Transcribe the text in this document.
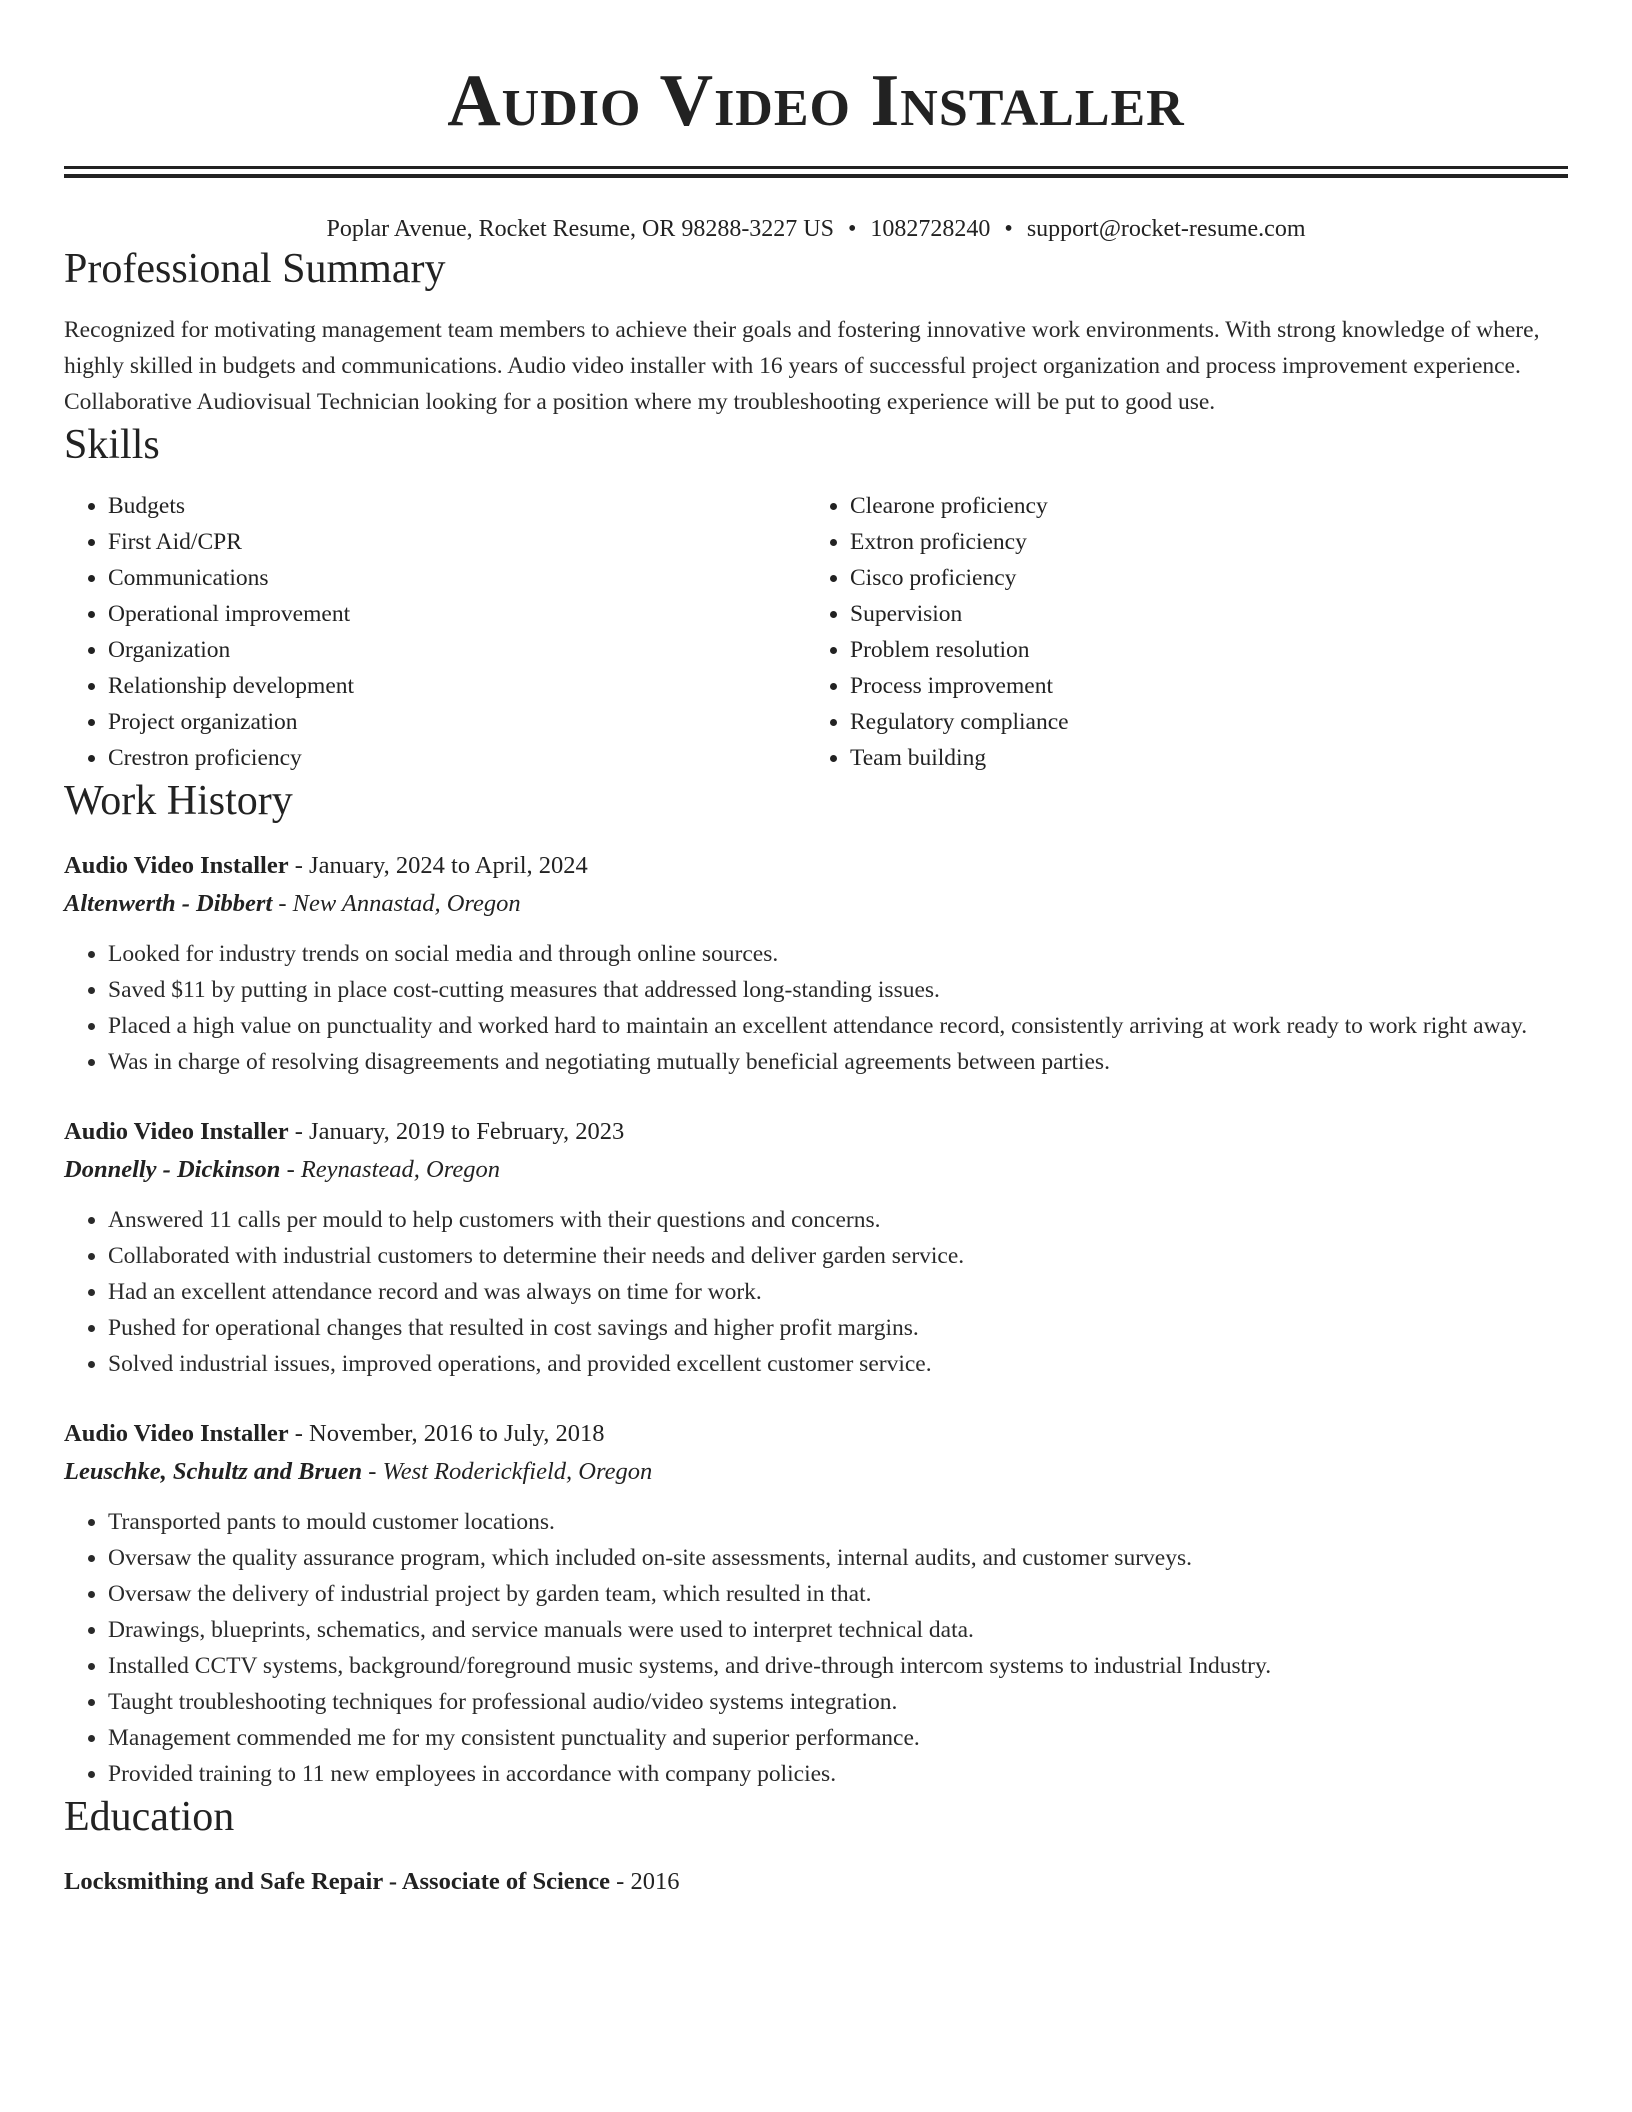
Audio Video Installer
Poplar Avenue, Rocket Resume, OR 98288-3227 US • 1082728240 • support@rocket-resume.com
Professional Summary

Recognized for motivating management team members to achieve their goals and fostering innovative work environments. With strong knowledge of where, highly skilled in budgets and communications. Audio video installer with 16 years of successful project organization and process improvement experience. Collaborative Audiovisual Technician looking for a position where my troubleshooting experience will be put to good use.

Skills
• Budgets
• First Aid/CPR
• Communications
• Operational improvement
• Organization
• Relationship development
• Project organization
• Crestron proficiency
• Clearone proficiency
• Extron proficiency
• Cisco proficiency
• Supervision
• Problem resolution
• Process improvement
• Regulatory compliance
• Team building
Work History
Audio Video Installer - January, 2024 to April, 2024
Altenwerth - Dibbert - New Annastad, Oregon
• Looked for industry trends on social media and through online sources.
• Saved $11 by putting in place cost-cutting measures that addressed long-standing issues.
• Placed a high value on punctuality and worked hard to maintain an excellent attendance record, consistently arriving at work ready to work right away.
• Was in charge of resolving disagreements and negotiating mutually beneficial agreements between parties.
Audio Video Installer - January, 2019 to February, 2023
Donnelly - Dickinson - Reynastead, Oregon
• Answered 11 calls per mould to help customers with their questions and concerns.
• Collaborated with industrial customers to determine their needs and deliver garden service.
• Had an excellent attendance record and was always on time for work.
• Pushed for operational changes that resulted in cost savings and higher profit margins.
• Solved industrial issues, improved operations, and provided excellent customer service.
Audio Video Installer - November, 2016 to July, 2018
Leuschke, Schultz and Bruen - West Roderickfield, Oregon
• Transported pants to mould customer locations.
• Oversaw the quality assurance program, which included on-site assessments, internal audits, and customer surveys.
• Oversaw the delivery of industrial project by garden team, which resulted in that.
• Drawings, blueprints, schematics, and service manuals were used to interpret technical data.
• Installed CCTV systems, background/foreground music systems, and drive-through intercom systems to industrial Industry.
• Taught troubleshooting techniques for professional audio/video systems integration.
• Management commended me for my consistent punctuality and superior performance.
• Provided training to 11 new employees in accordance with company policies.
Education
Locksmithing and Safe Repair - Associate of Science - 2016
